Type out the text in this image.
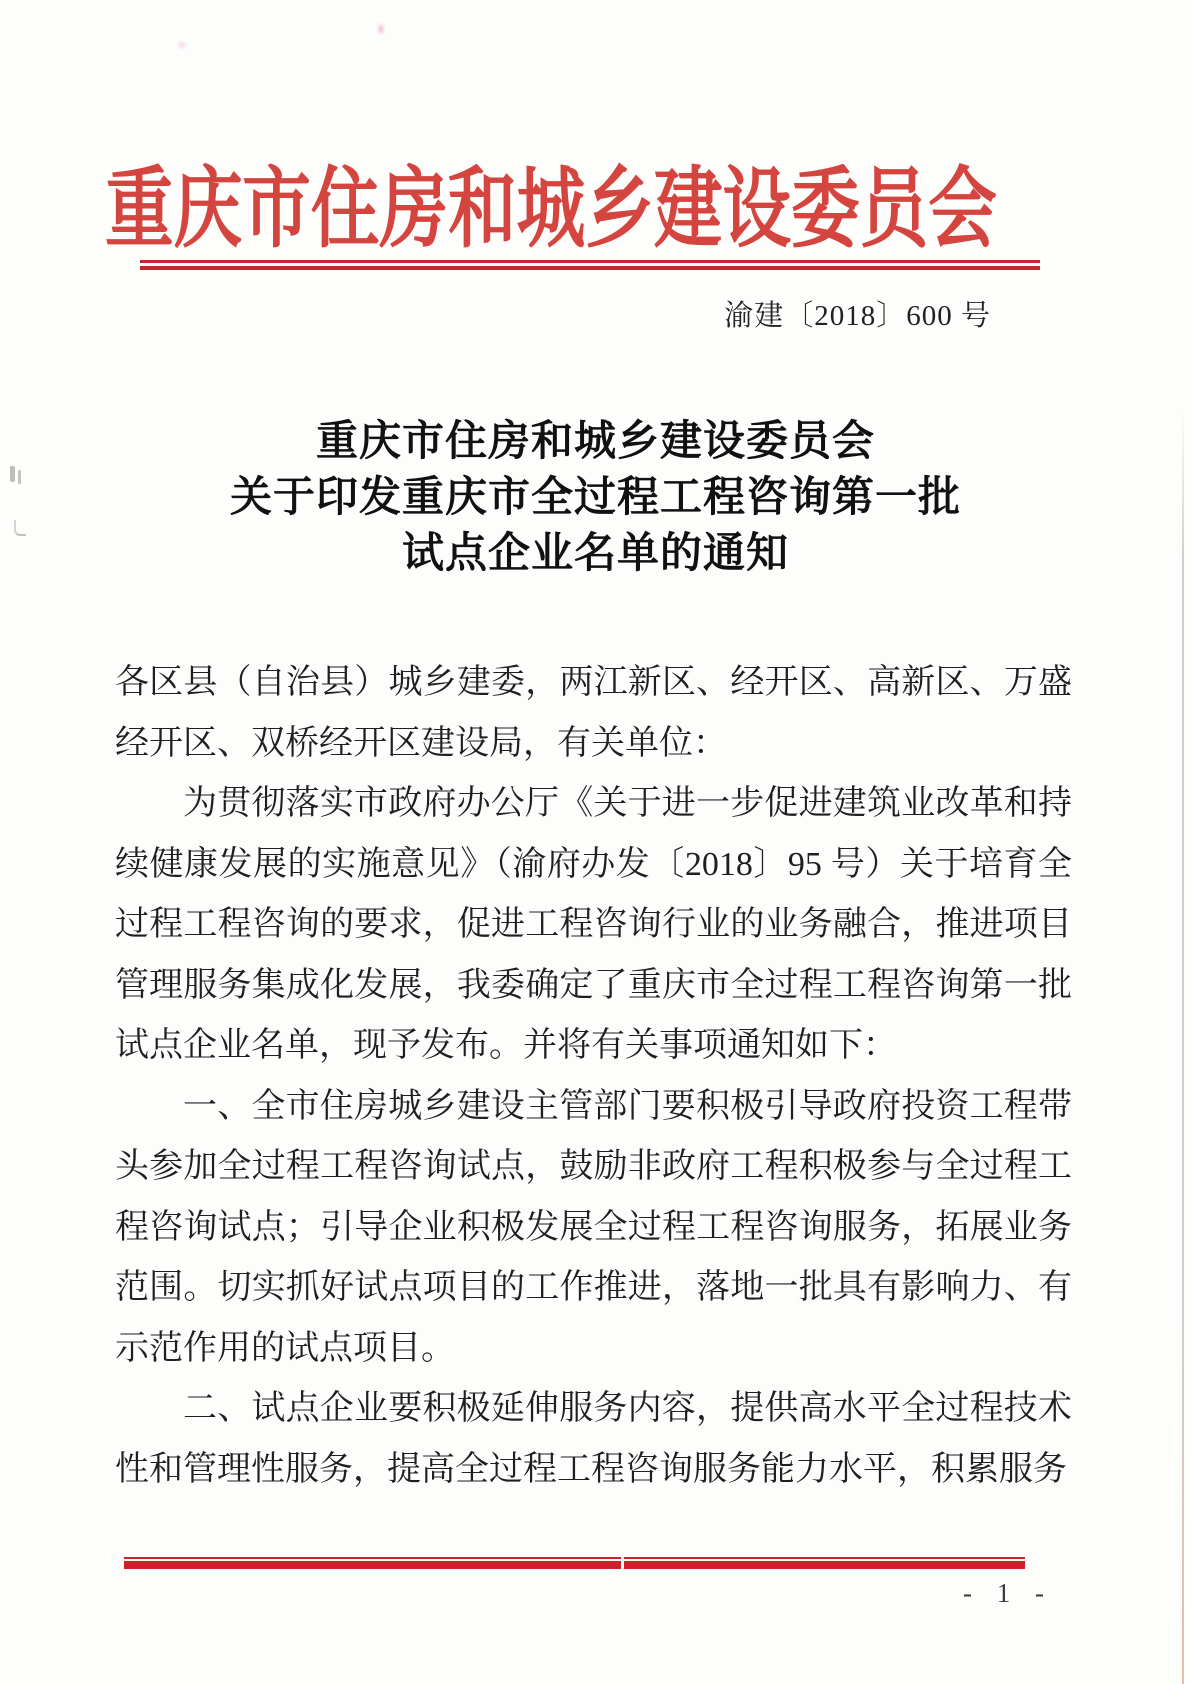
重庆市住房和城乡建设委员会
渝建〔2018〕600 号
重庆市住房和城乡建设委员会
关于印发重庆市全过程工程咨询第一批
试点企业名单的通知

各区县（自治县）城乡建委，两江新区、经开区、高新区、万盛经开区、双桥经开区建设局，有关单位：

为贯彻落实市政府办公厅《关于进一步促进建筑业改革和持续健康发展的实施意见》（渝府办发〔2018〕95 号）关于培育全过程工程咨询的要求，促进工程咨询行业的业务融合，推进项目管理服务集成化发展，我委确定了重庆市全过程工程咨询第一批试点企业名单，现予发布。并将有关事项通知如下：

一、全市住房城乡建设主管部门要积极引导政府投资工程带头参加全过程工程咨询试点，鼓励非政府工程积极参与全过程工程咨询试点；引导企业积极发展全过程工程咨询服务，拓展业务范围。切实抓好试点项目的工作推进，落地一批具有影响力、有示范作用的试点项目。

二、试点企业要积极延伸服务内容，提供高水平全过程技术性和管理性服务，提高全过程工程咨询服务能力水平，积累服务

- 1 -
